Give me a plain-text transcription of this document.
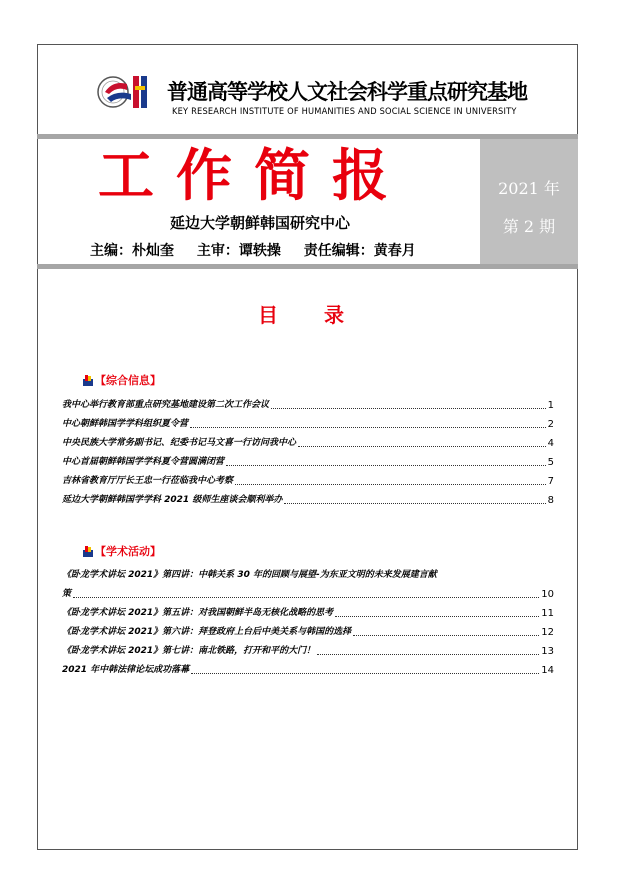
普通高等学校人文社会科学重点研究基地
KEY RESEARCH INSTITUTE OF HUMANITIES AND SOCIAL SCIENCE IN UNIVERSITY
2021 年
第 2 期
工作简报
延边大学朝鲜韩国研究中心
主编：朴灿奎 主审：谭轶操 责任编辑：黄春月
目录
【综合信息】
我中心举行教育部重点研究基地建设第二次工作会议	1
中心朝鲜韩国学学科组织夏令营	2
中央民族大学常务副书记、纪委书记马文喜一行访问我中心	4
中心首届朝鲜韩国学学科夏令营圆满闭营	5
吉林省教育厅厅长王忠一行莅临我中心考察	7
延边大学朝鲜韩国学学科 2021 级师生座谈会顺利举办	8
【学术活动】
《卧龙学术讲坛 2021》第四讲：中韩关系 30 年的回顾与展望-为东亚文明的未来发展建言献
策	10
《卧龙学术讲坛 2021》第五讲：对我国朝鲜半岛无核化战略的思考	11
《卧龙学术讲坛 2021》第六讲：拜登政府上台后中美关系与韩国的选择	12
《卧龙学术讲坛 2021》第七讲：南北铁路，打开和平的大门！	13
2021 年中韩法律论坛成功落幕	14
